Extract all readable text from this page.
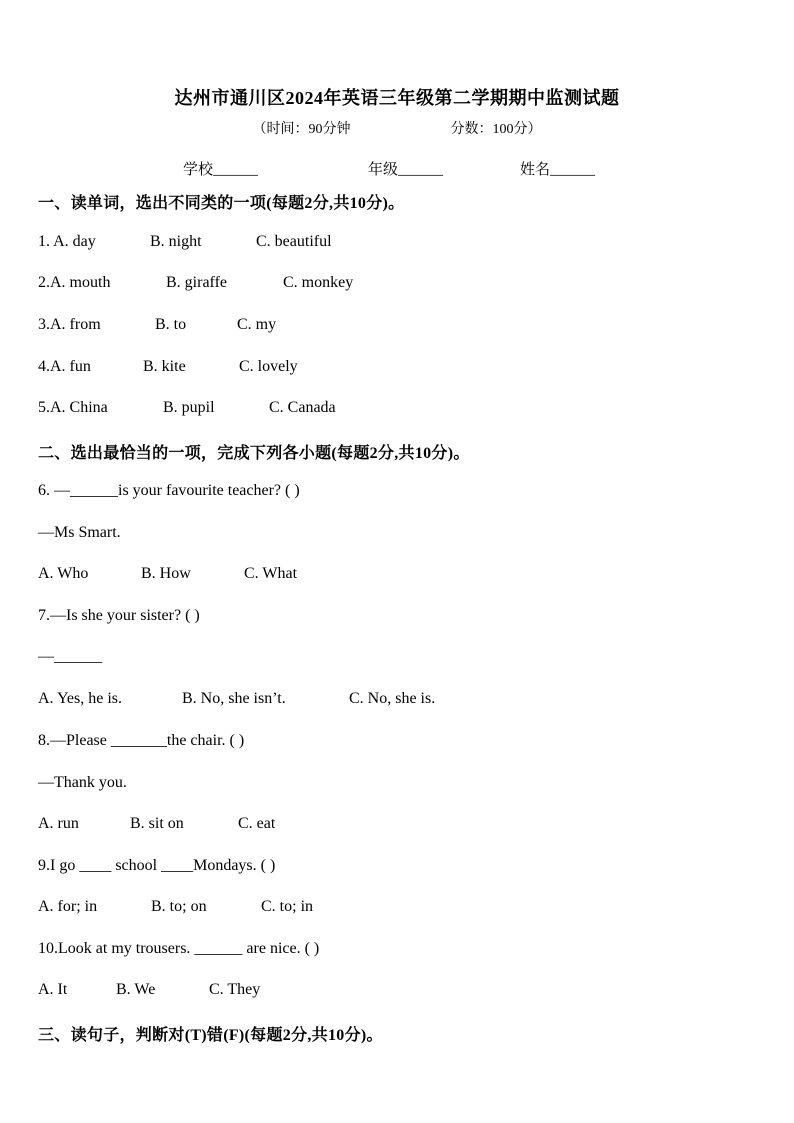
达州市通川区2024年英语三年级第二学期期中监测试题
（时间：90分钟	分数：100分）
学校______	年级______	姓名______
一、读单词，选出不同类的一项(每题2分,共10分)。
1. A. day	B. night	C. beautiful
2.A. mouth	B. giraffe	C. monkey
3.A. from	B. to	C. my
4.A. fun	B. kite	C. lovely
5.A. China	B. pupil	C. Canada
二、选出最恰当的一项，完成下列各小题(每题2分,共10分)。
6. —______is your favourite teacher? ( )
—Ms Smart.
A. Who	B. How	C. What
7.—Is she your sister? ( )
—______
A. Yes, he is.	B. No, she isn’t.	C. No, she is.
8.—Please _______the chair. ( )
—Thank you.
A. run	B. sit on	C. eat
9.I go ____ school ____Mondays. ( )
A. for; in	B. to; on	C. to; in
10.Look at my trousers. ______ are nice. ( )
A. It	B. We	C. They
三、读句子，判断对(T)错(F)(每题2分,共10分)。
